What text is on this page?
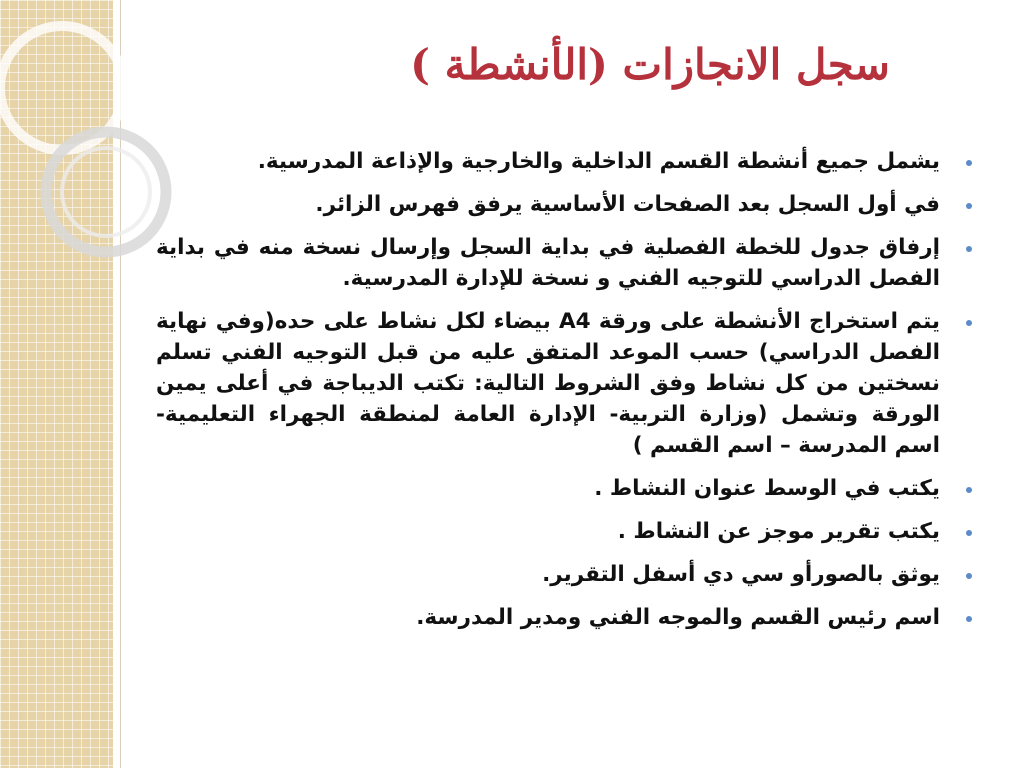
سجل الانجازات (الأنشطة )
يشمل جميع أنشطة القسم الداخلية والخارجية والإذاعة المدرسية.
في أول السجل بعد الصفحات الأساسية يرفق فهرس الزائر.
إرفاق جدول للخطة الفصلية في بداية السجل وإرسال نسخة منه في بداية الفصل الدراسي للتوجيه الفني و نسخة للإدارة المدرسية.
يتم استخراج الأنشطة على ورقة A4 بيضاء لكل نشاط على حده(وفي نهاية الفصل الدراسي) حسب الموعد المتفق عليه من قبل التوجيه الفني تسلم نسختين من كل نشاط وفق الشروط التالية: تكتب الديباجة في أعلى يمين الورقة وتشمل (وزارة التربية- الإدارة العامة لمنطقة الجهراء التعليمية- اسم المدرسة – اسم القسم )
يكتب في الوسط عنوان النشاط .
يكتب تقرير موجز عن النشاط .
يوثق بالصورأو سي دي أسفل التقرير.
اسم رئيس القسم والموجه الفني ومدير المدرسة.
